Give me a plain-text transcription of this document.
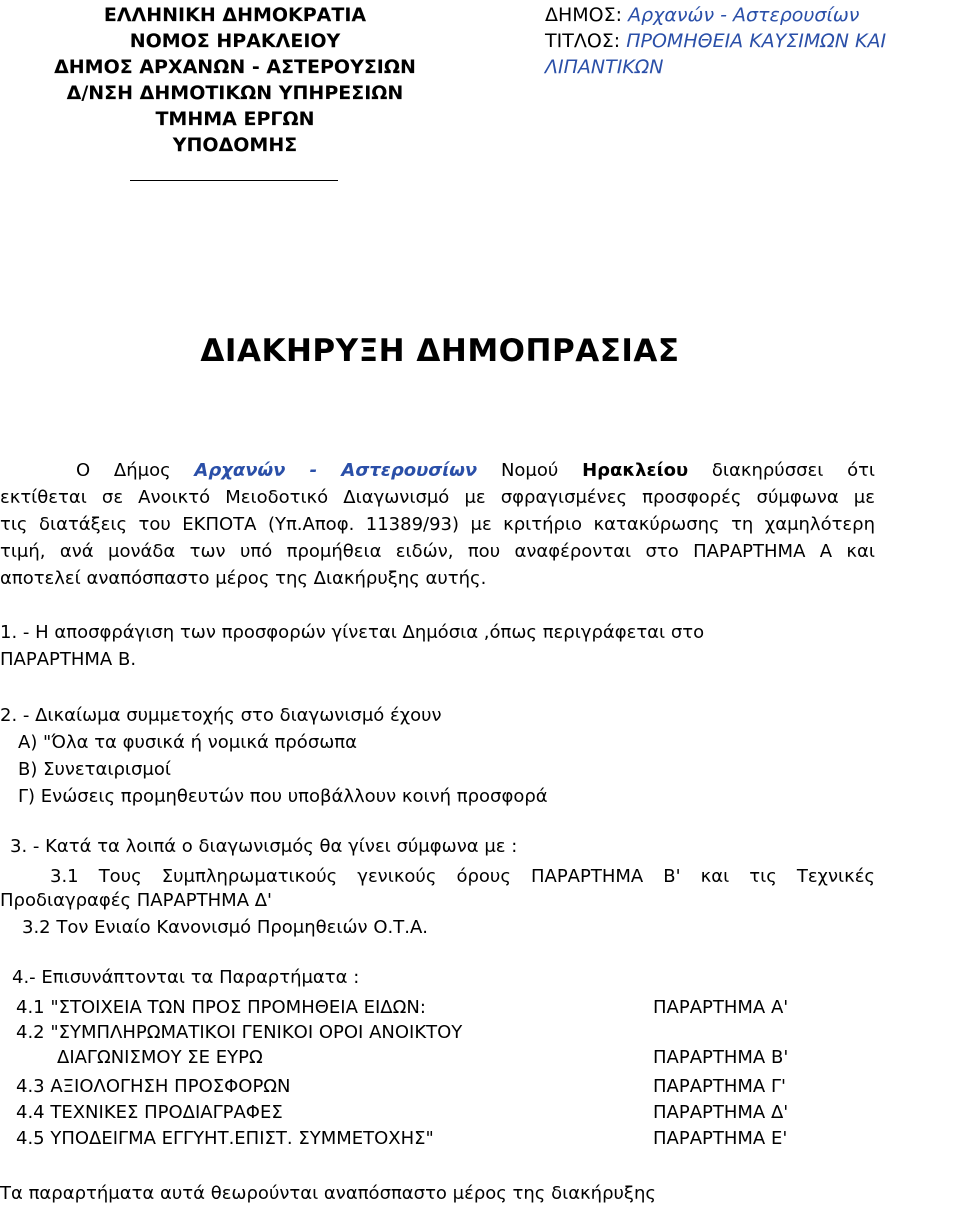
ΕΛΛΗΝΙΚΗ ΔΗΜΟΚΡΑΤΙΑ
ΝΟΜΟΣ ΗΡΑΚΛΕΙΟΥ
ΔΗΜΟΣ ΑΡΧΑΝΩΝ - ΑΣΤΕΡΟΥΣΙΩΝ
Δ/ΝΣΗ ΔΗΜΟΤΙΚΩΝ ΥΠΗΡΕΣΙΩΝ
ΤΜΗΜΑ ΕΡΓΩΝ
ΥΠΟΔΟΜΗΣ
ΔΗΜΟΣ: Αρχανών - Αστερουσίων
ΤΙΤΛΟΣ: ΠΡΟΜΗΘΕΙΑ ΚΑΥΣΙΜΩΝ ΚΑΙ
ΛΙΠΑΝΤΙΚΩΝ
ΔΙΑΚΗΡΥΞΗ ΔΗΜΟΠΡΑΣΙΑΣ
Ο Δήμος Αρχανών - Αστερουσίων Νομού Ηρακλείου διακηρύσσει ότι
εκτίθεται σε Ανοικτό Μειοδοτικό Διαγωνισμό με σφραγισμένες προσφορές σύμφωνα με
τις διατάξεις του ΕΚΠΟΤΑ (Υπ.Αποφ. 11389/93) με κριτήριο κατακύρωσης τη χαμηλότερη
τιμή, ανά μονάδα των υπό προμήθεια ειδών, που αναφέρονται στο ΠΑΡΑΡΤΗΜΑ Α και
αποτελεί αναπόσπαστο μέρος της Διακήρυξης αυτής.
1. - Η αποσφράγιση των προσφορών γίνεται Δημόσια ,όπως περιγράφεται στο
ΠΑΡΑΡΤΗΜΑ Β.
2. - Δικαίωμα συμμετοχής στο διαγωνισμό έχουν
Α) "Όλα τα φυσικά ή νομικά πρόσωπα
Β) Συνεταιρισμοί
Γ) Ενώσεις προμηθευτών που υποβάλλουν κοινή προσφορά
3. - Κατά τα λοιπά ο διαγωνισμός θα γίνει σύμφωνα με :
3.1 Τους Συμπληρωματικούς γενικούς όρους ΠΑΡΑΡΤΗΜΑ Β' και τις Τεχνικές
Προδιαγραφές ΠΑΡΑΡΤΗΜΑ Δ'
3.2 Τον Ενιαίο Κανονισμό Προμηθειών Ο.Τ.Α.
4.- Επισυνάπτονται τα Παραρτήματα :
4.1 "ΣΤΟΙΧΕΙΑ ΤΩΝ ΠΡΟΣ ΠΡΟΜΗΘΕΙΑ ΕΙΔΩΝ:	ΠΑΡΑΡΤΗΜΑ Α'
4.2 "ΣΥΜΠΛΗΡΩΜΑΤΙΚΟΙ ΓΕΝΙΚΟΙ ΟΡΟΙ ΑΝΟΙΚΤΟΥ
ΔΙΑΓΩΝΙΣΜΟΥ ΣΕ ΕΥΡΩ	ΠΑΡΑΡΤΗΜΑ Β'
4.3 ΑΞΙΟΛΟΓΗΣΗ ΠΡΟΣΦΟΡΩΝ	ΠΑΡΑΡΤΗΜΑ Γ'
4.4 ΤΕΧΝΙΚΕΣ ΠΡΟΔΙΑΓΡΑΦΕΣ	ΠΑΡΑΡΤΗΜΑ Δ'
4.5 ΥΠΟΔΕΙΓΜΑ ΕΓΓΥΗΤ.ΕΠΙΣΤ. ΣΥΜΜΕΤΟΧΗΣ"	ΠΑΡΑΡΤΗΜΑ Ε'
Τα παραρτήματα αυτά θεωρούνται αναπόσπαστο μέρος της διακήρυξης
